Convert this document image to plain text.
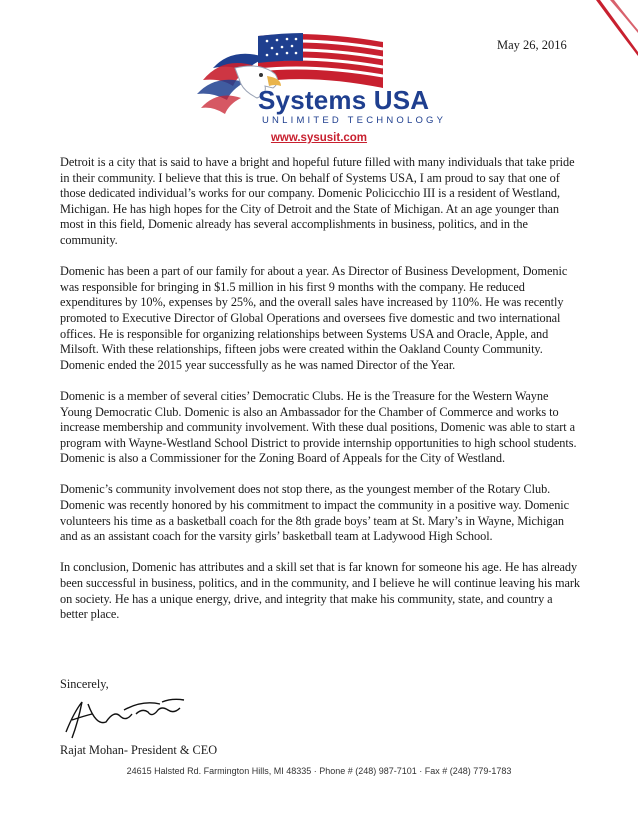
Systems USA
UNLIMITED TECHNOLOGY
www.sysusit.com
May 26, 2016

Detroit is a city that is said to have a bright and hopeful future filled with many individuals that take pride in their community. I believe that this is true. On behalf of Systems USA, I am proud to say that one of those dedicated individual’s works for our company. Domenic Policicchio III is a resident of Westland, Michigan. He has high hopes for the City of Detroit and the State of Michigan. At an age younger than most in this field, Domenic already has several accomplishments in business, politics, and in the community.

Domenic has been a part of our family for about a year. As Director of Business Development, Domenic was responsible for bringing in $1.5 million in his first 9 months with the company. He reduced expenditures by 10%, expenses by 25%, and the overall sales have increased by 110%. He was recently promoted to Executive Director of Global Operations and oversees five domestic and two international offices. He is responsible for organizing relationships between Systems USA and Oracle, Apple, and Milsoft. With these relationships, fifteen jobs were created within the Oakland County Community. Domenic ended the 2015 year successfully as he was named Director of the Year.

Domenic is a member of several cities’ Democratic Clubs. He is the Treasure for the Western Wayne Young Democratic Club. Domenic is also an Ambassador for the Chamber of Commerce and works to increase membership and community involvement. With these dual positions, Domenic was able to start a program with Wayne-Westland School District to provide internship opportunities to high school students. Domenic is also a Commissioner for the Zoning Board of Appeals for the City of Westland.

Domenic’s community involvement does not stop there, as the youngest member of the Rotary Club. Domenic was recently honored by his commitment to impact the community in a positive way. Domenic volunteers his time as a basketball coach for the 8th grade boys’ team at St. Mary’s in Wayne, Michigan and as an assistant coach for the varsity girls’ basketball team at Ladywood High School.

In conclusion, Domenic has attributes and a skill set that is far known for someone his age. He has already been successful in business, politics, and in the community, and I believe he will continue leaving his mark on society. He has a unique energy, drive, and integrity that make his community, state, and country a better place.

Sincerely,
Rajat Mohan- President & CEO
24615 Halsted Rd. Farmington Hills, MI 48335 · Phone # (248) 987-7101 · Fax # (248) 779-1783
